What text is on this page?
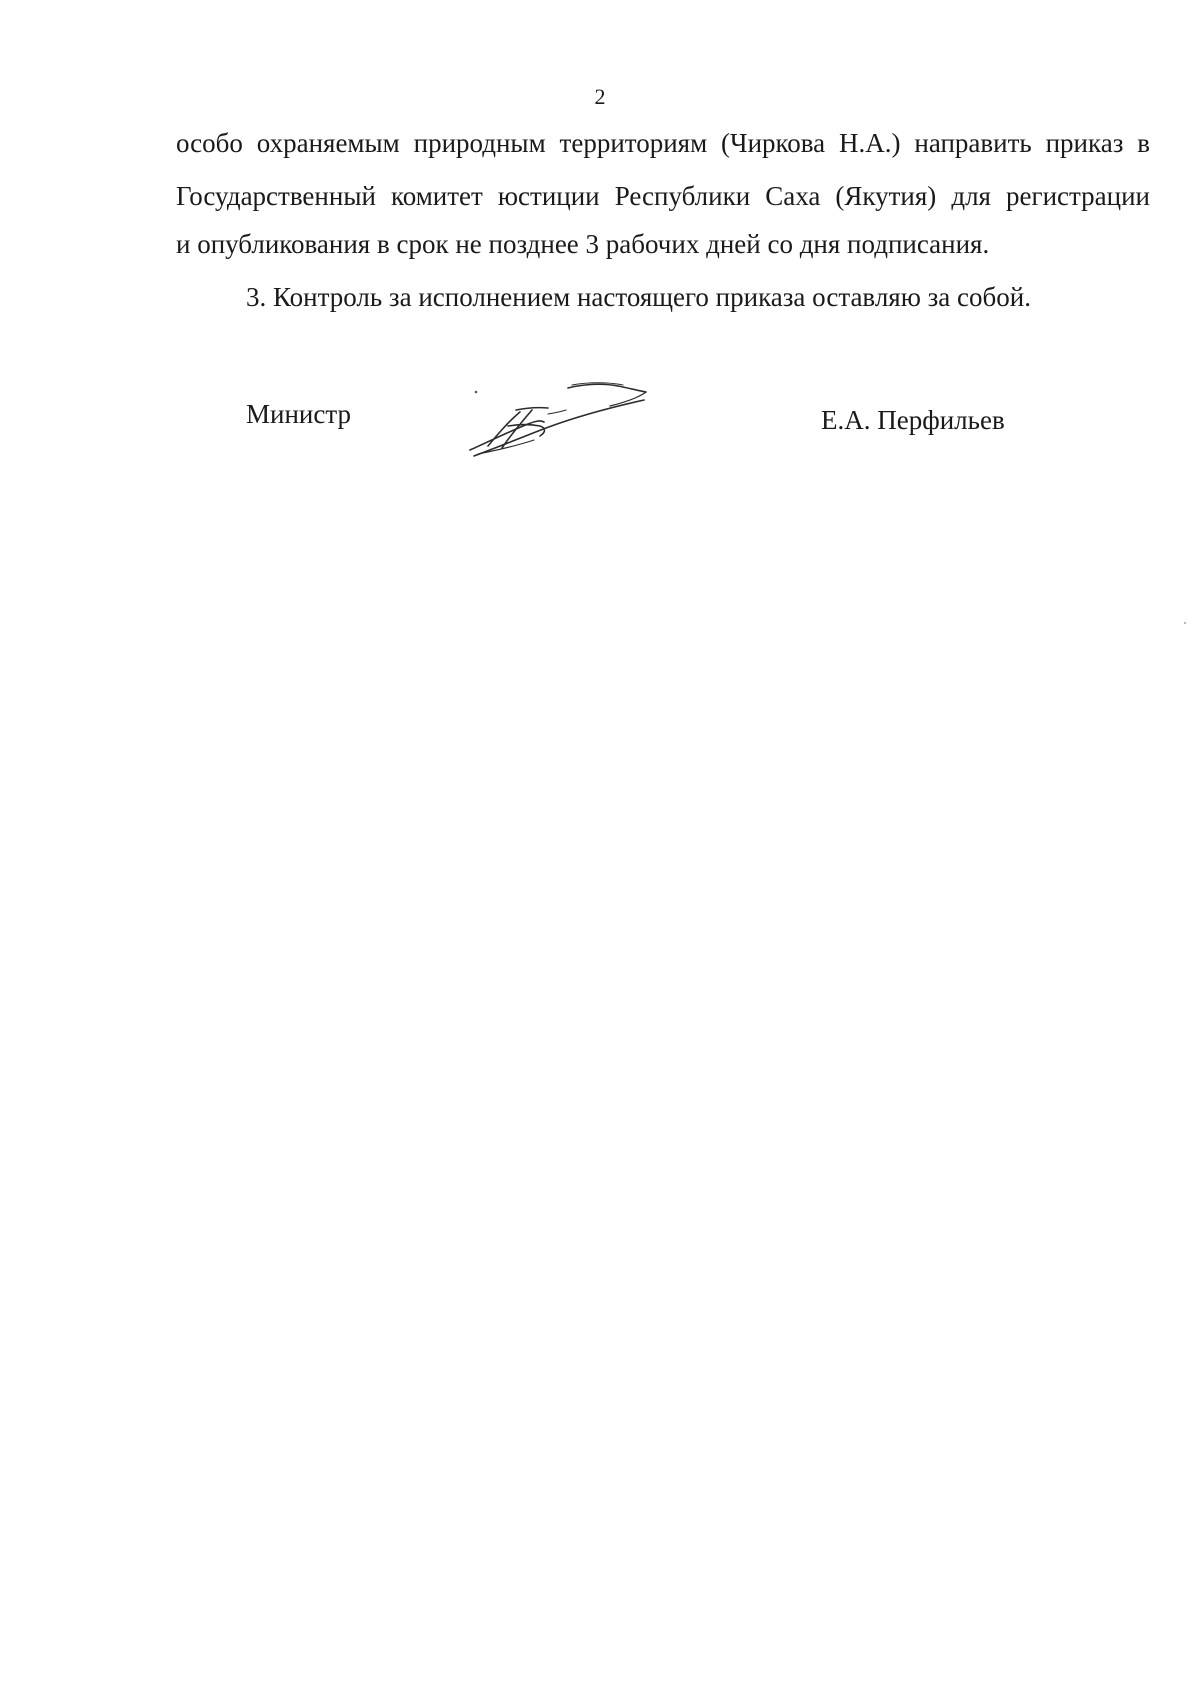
2
особо охраняемым природным территориям (Чиркова Н.А.) направить приказ в
Государственный комитет юстиции Республики Саха (Якутия) для регистрации
и опубликования в срок не позднее 3 рабочих дней со дня подписания.
3. Контроль за исполнением настоящего приказа оставляю за собой.
Министр	Е.А. Перфильев
